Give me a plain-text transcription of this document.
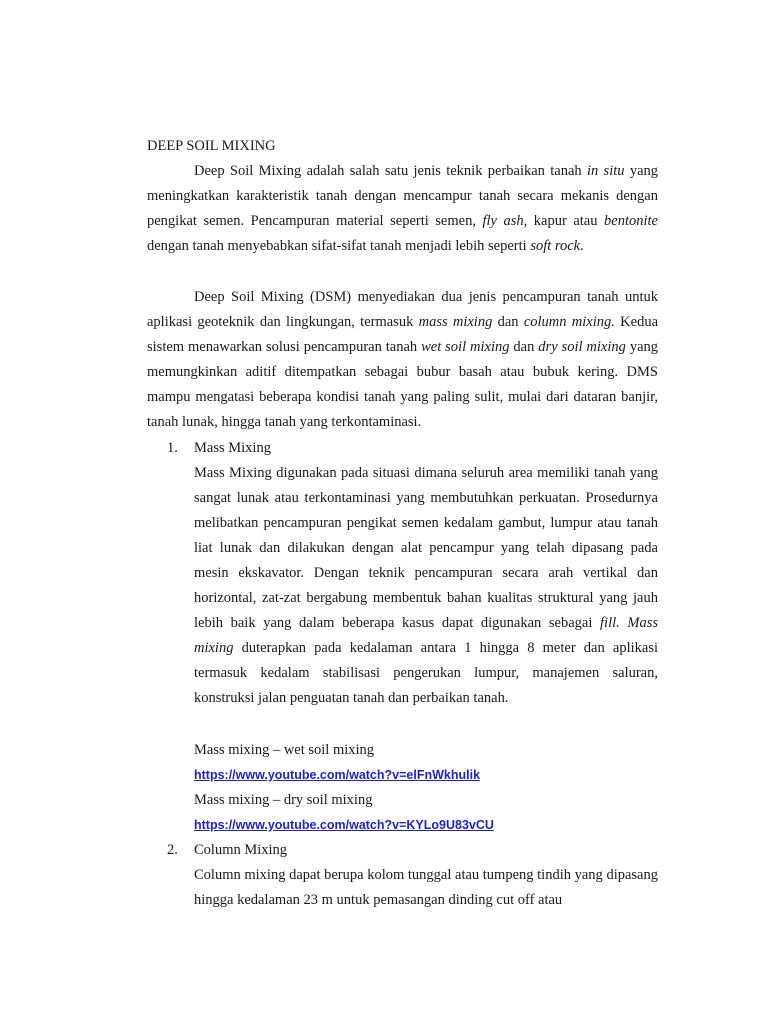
DEEP SOIL MIXING

Deep Soil Mixing adalah salah satu jenis teknik perbaikan tanah in situ yang meningkatkan karakteristik tanah dengan mencampur tanah secara mekanis dengan pengikat semen. Pencampuran material seperti semen, fly ash, kapur atau bentonite dengan tanah menyebabkan sifat-sifat tanah menjadi lebih seperti soft rock.

Deep Soil Mixing (DSM) menyediakan dua jenis pencampuran tanah untuk aplikasi geoteknik dan lingkungan, termasuk mass mixing dan column mixing. Kedua sistem menawarkan solusi pencampuran tanah wet soil mixing dan dry soil mixing yang memungkinkan aditif ditempatkan sebagai bubur basah atau bubuk kering. DMS mampu mengatasi beberapa kondisi tanah yang paling sulit, mulai dari dataran banjir, tanah lunak, hingga tanah yang terkontaminasi.

1. Mass Mixing

Mass Mixing digunakan pada situasi dimana seluruh area memiliki tanah yang sangat lunak atau terkontaminasi yang membutuhkan perkuatan. Prosedurnya melibatkan pencampuran pengikat semen kedalam gambut, lumpur atau tanah liat lunak dan dilakukan dengan alat pencampur yang telah dipasang pada mesin ekskavator. Dengan teknik pencampuran secara arah vertikal dan horizontal, zat-zat bergabung membentuk bahan kualitas struktural yang jauh lebih baik yang dalam beberapa kasus dapat digunakan sebagai fill. Mass mixing duterapkan pada kedalaman antara 1 hingga 8 meter dan aplikasi termasuk kedalam stabilisasi pengerukan lumpur, manajemen saluran, konstruksi jalan penguatan tanah dan perbaikan tanah.

Mass mixing – wet soil mixing
https://www.youtube.com/watch?v=elFnWkhulik
Mass mixing – dry soil mixing
https://www.youtube.com/watch?v=KYLo9U83vCU
2. Column Mixing

Column mixing dapat berupa kolom tunggal atau tumpeng tindih yang dipasang hingga kedalaman 23 m untuk pemasangan dinding cut off atau
